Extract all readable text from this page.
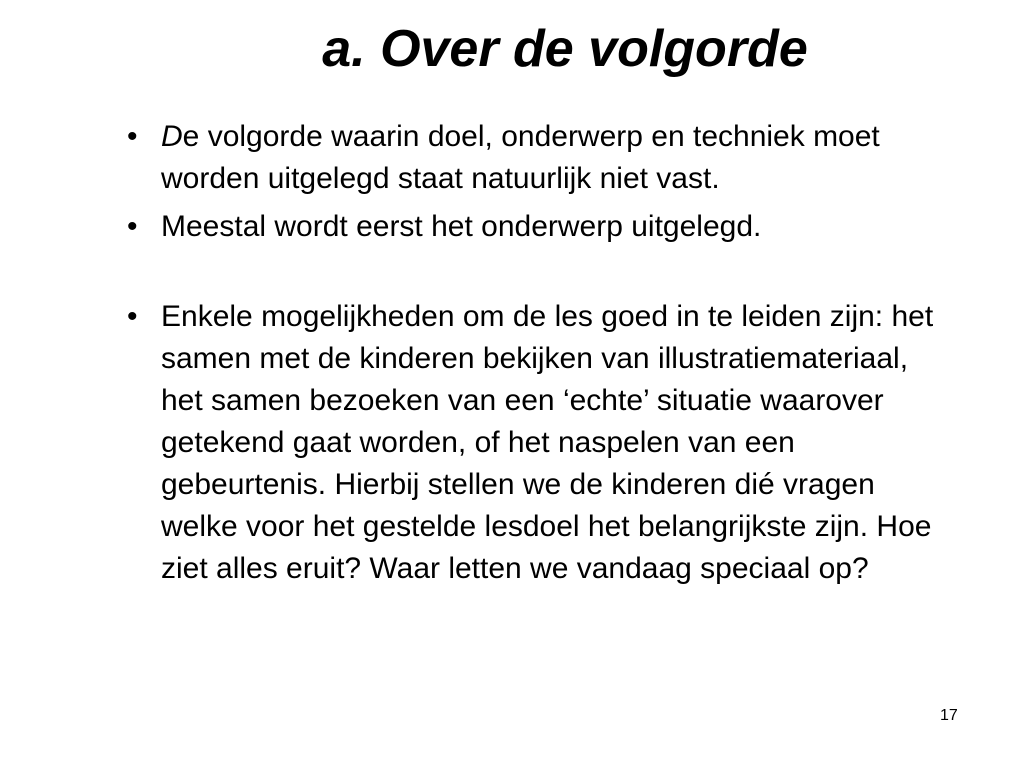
a. Over de volgorde
• De volgorde waarin doel, onderwerp en techniek moet worden uitgelegd staat natuurlijk niet vast.
• Meestal wordt eerst het onderwerp uitgelegd.
• Enkele mogelijkheden om de les goed in te leiden zijn: het samen met de kinderen bekijken van illustratiemateriaal, het samen bezoeken van een ‘echte’ situatie waarover getekend gaat worden, of het naspelen van een gebeurtenis. Hierbij stellen we de kinderen dié vragen welke voor het gestelde lesdoel het belangrijkste zijn. Hoe ziet alles eruit? Waar letten we vandaag speciaal op?
17
